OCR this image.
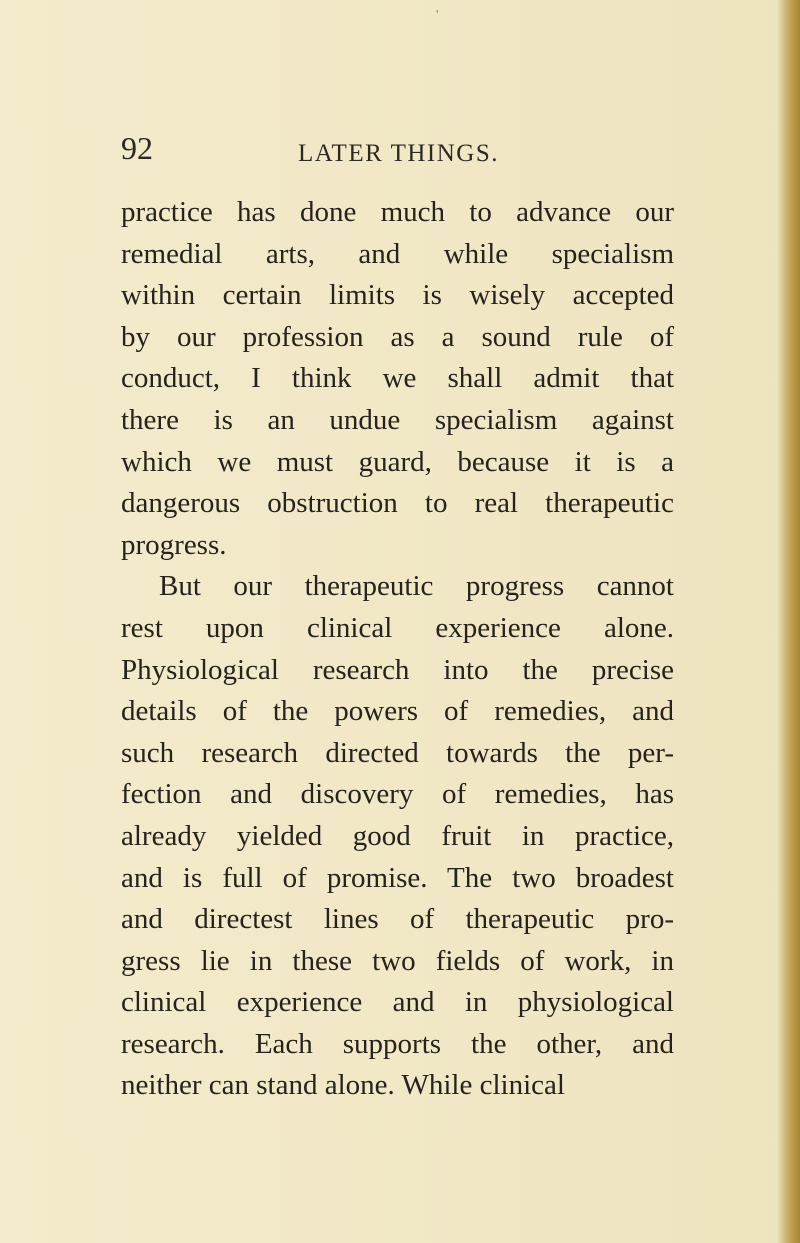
'
92	LATER THINGS.
practice has done much to advance our
remedial arts, and while specialism
within certain limits is wisely accepted
by our profession as a sound rule of
conduct, I think we shall admit that
there is an undue specialism against
which we must guard, because it is a
dangerous obstruction to real therapeutic
progress.
But our therapeutic progress cannot
rest upon clinical experience alone.
Physiological research into the precise
details of the powers of remedies, and
such research directed towards the per-
fection and discovery of remedies, has
already yielded good fruit in practice,
and is full of promise. The two broadest
and directest lines of therapeutic pro-
gress lie in these two fields of work, in
clinical experience and in physiological
research. Each supports the other, and
neither can stand alone. While clinical
